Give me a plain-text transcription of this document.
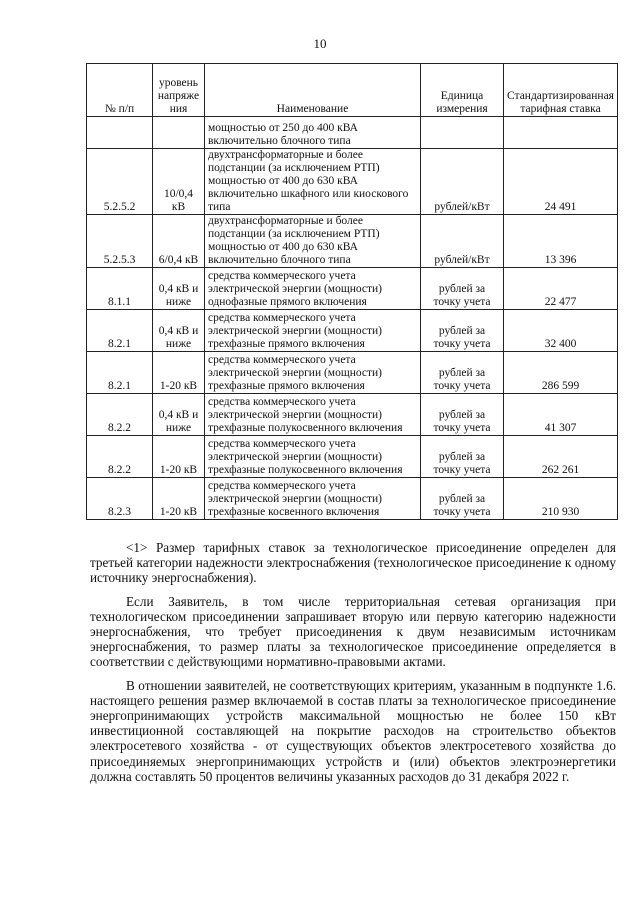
10
№ п/п	уровень напряже ния	Наименование	Единица измерения	Стандартизированная тарифная ставка
		мощностью от 250 до 400 кВА включительно блочного типа		
5.2.5.2	10/0,4 кВ	двухтрансформаторные и более подстанции (за исключением РТП) мощностью от 400 до 630 кВА включительно шкафного или киоскового типа	рублей/кВт	24 491
5.2.5.3	6/0,4 кВ	двухтрансформаторные и более подстанции (за исключением РТП) мощностью от 400 до 630 кВА включительно блочного типа	рублей/кВт	13 396
8.1.1	0,4 кВ и ниже	средства коммерческого учета электрической энергии (мощности) однофазные прямого включения	рублей за точку учета	22 477
8.2.1	0,4 кВ и ниже	средства коммерческого учета электрической энергии (мощности) трехфазные прямого включения	рублей за точку учета	32 400
8.2.1	1-20 кВ	средства коммерческого учета электрической энергии (мощности) трехфазные прямого включения	рублей за точку учета	286 599
8.2.2	0,4 кВ и ниже	средства коммерческого учета электрической энергии (мощности) трехфазные полукосвенного включения	рублей за точку учета	41 307
8.2.2	1-20 кВ	средства коммерческого учета электрической энергии (мощности) трехфазные полукосвенного включения	рублей за точку учета	262 261
8.2.3	1-20 кВ	средства коммерческого учета электрической энергии (мощности) трехфазные косвенного включения	рублей за точку учета	210 930

<1> Размер тарифных ставок за технологическое присоединение определен для третьей категории надежности электроснабжения (технологическое присоединение к одному источнику энергоснабжения).

Если Заявитель, в том числе территориальная сетевая организация при технологическом присоединении запрашивает вторую или первую категорию надежности энергоснабжения, что требует присоединения к двум независимым источникам энергоснабжения, то размер платы за технологическое присоединение определяется в соответствии с действующими нормативно-правовыми актами.

В отношении заявителей, не соответствующих критериям, указанным в подпункте 1.6. настоящего решения размер включаемой в состав платы за технологическое присоединение энергопринимающих устройств максимальной мощностью не более 150 кВт инвестиционной составляющей на покрытие расходов на строительство объектов электросетевого хозяйства - от существующих объектов электросетевого хозяйства до присоединяемых энергопринимающих устройств и (или) объектов электроэнергетики должна составлять 50 процентов величины указанных расходов до 31 декабря 2022 г.
